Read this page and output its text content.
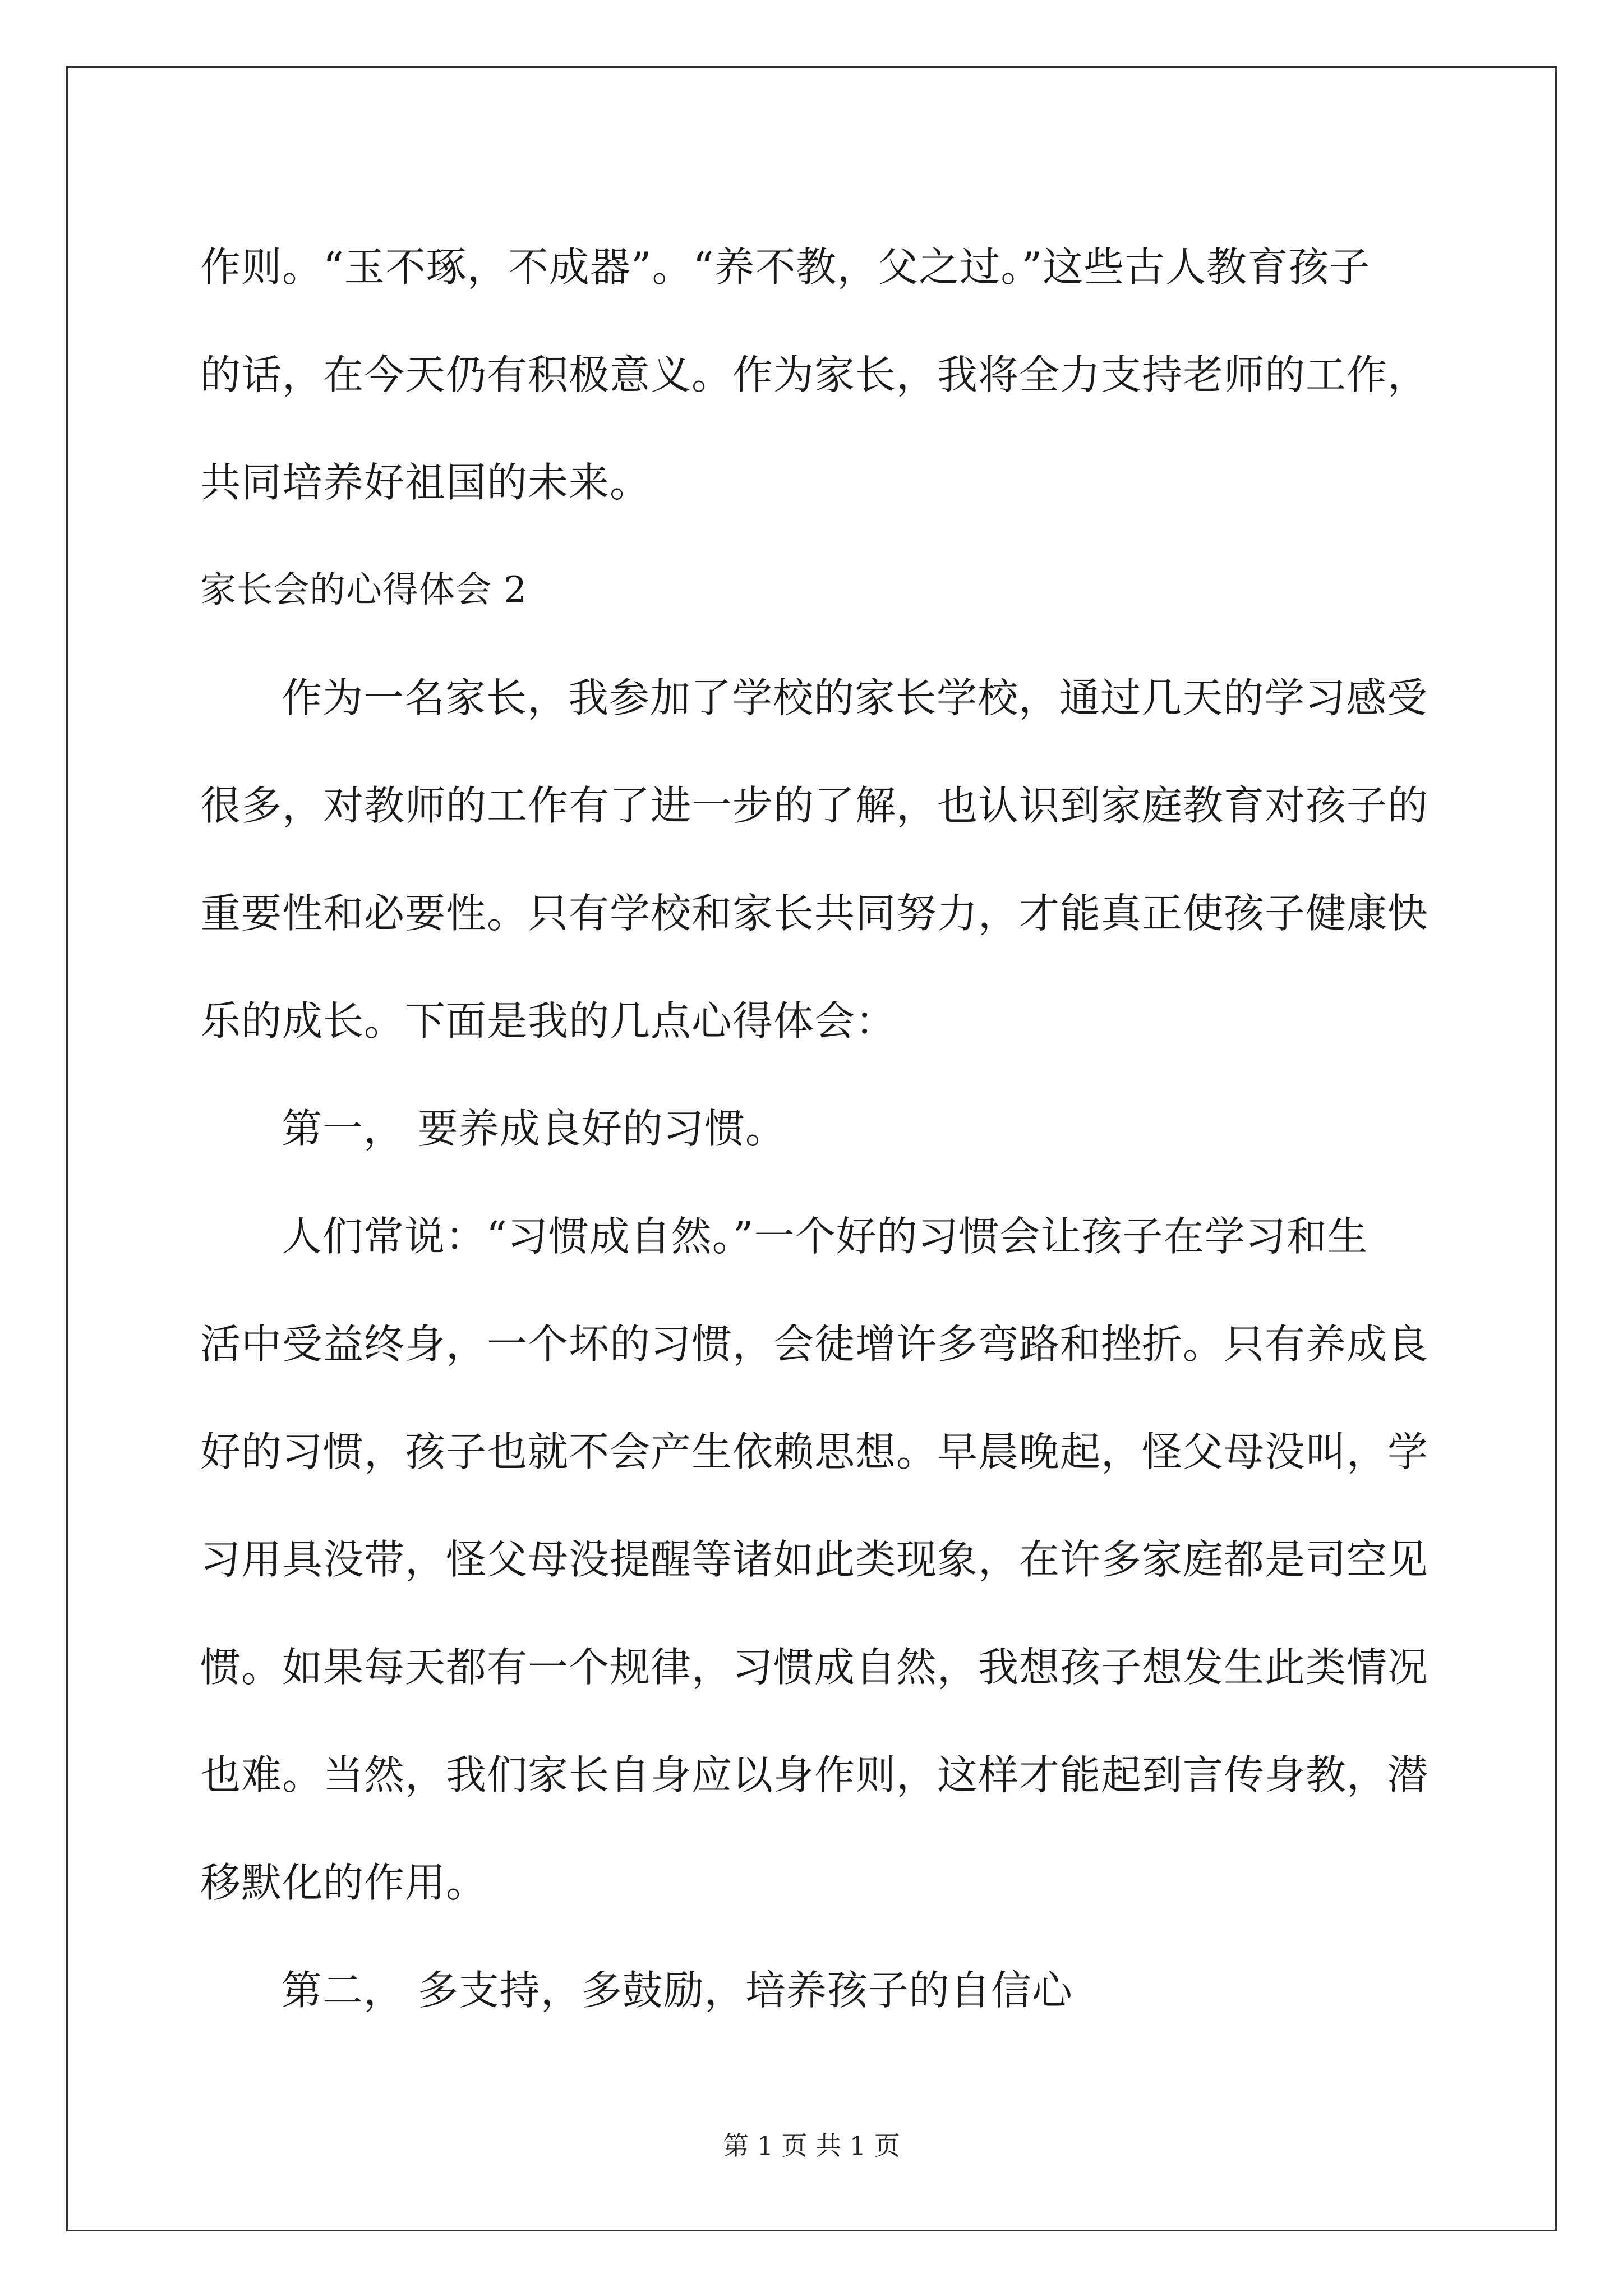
作则。“玉不琢，不成器”。“养不教，父之过。”这些古人教育孩子
的话，在今天仍有积极意义。作为家长，我将全力支持老师的工作，
共同培养好祖国的未来。
家长会的心得体会 2
作为一名家长，我参加了学校的家长学校，通过几天的学习感受
很多，对教师的工作有了进一步的了解，也认识到家庭教育对孩子的
重要性和必要性。只有学校和家长共同努力，才能真正使孩子健康快
乐的成长。下面是我的几点心得体会：
第一， 要养成良好的习惯。
人们常说：“习惯成自然。”一个好的习惯会让孩子在学习和生
活中受益终身，一个坏的习惯，会徒增许多弯路和挫折。只有养成良
好的习惯，孩子也就不会产生依赖思想。早晨晚起，怪父母没叫，学
习用具没带，怪父母没提醒等诸如此类现象，在许多家庭都是司空见
惯。如果每天都有一个规律，习惯成自然，我想孩子想发生此类情况
也难。当然，我们家长自身应以身作则，这样才能起到言传身教，潜
移默化的作用。
第二， 多支持，多鼓励，培养孩子的自信心
第 1 页 共 1 页
